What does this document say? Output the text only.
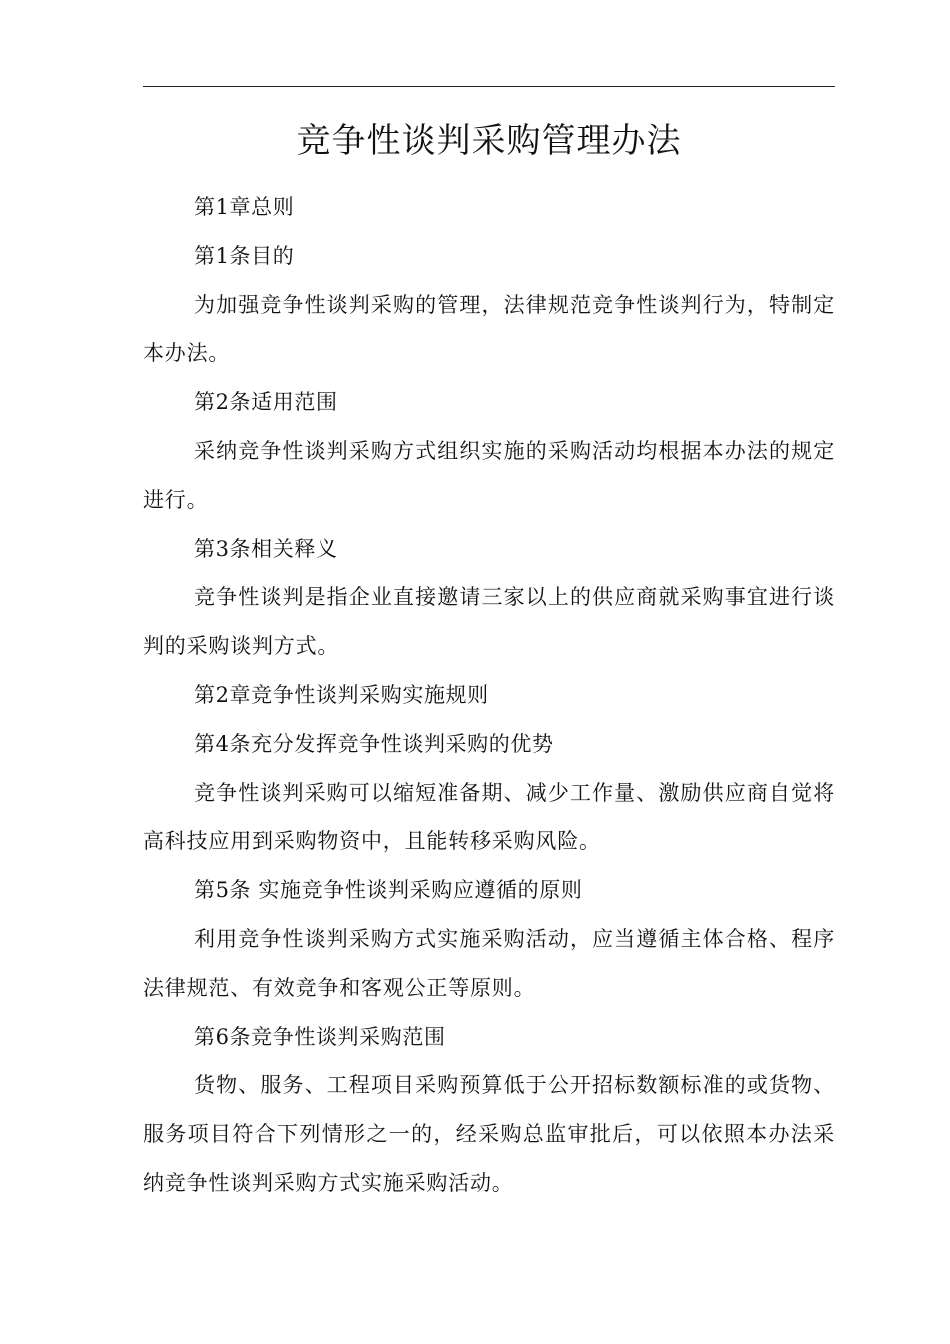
竞争性谈判采购管理办法

第1章总则

第1条目的

为加强竞争性谈判采购的管理，法律规范竞争性谈判行为，特制定本办法。

第2条适用范围

采纳竞争性谈判采购方式组织实施的采购活动均根据本办法的规定进行。

第3条相关释义

竞争性谈判是指企业直接邀请三家以上的供应商就采购事宜进行谈判的采购谈判方式。

第2章竞争性谈判采购实施规则

第4条充分发挥竞争性谈判采购的优势

竞争性谈判采购可以缩短准备期、减少工作量、激励供应商自觉将高科技应用到采购物资中，且能转移采购风险。

第5条 实施竞争性谈判采购应遵循的原则

利用竞争性谈判采购方式实施采购活动，应当遵循主体合格、程序法律规范、有效竞争和客观公正等原则。

第6条竞争性谈判采购范围

货物、服务、工程项目采购预算低于公开招标数额标准的或货物、服务项目符合下列情形之一的，经采购总监审批后，可以依照本办法采纳竞争性谈判采购方式实施采购活动。
